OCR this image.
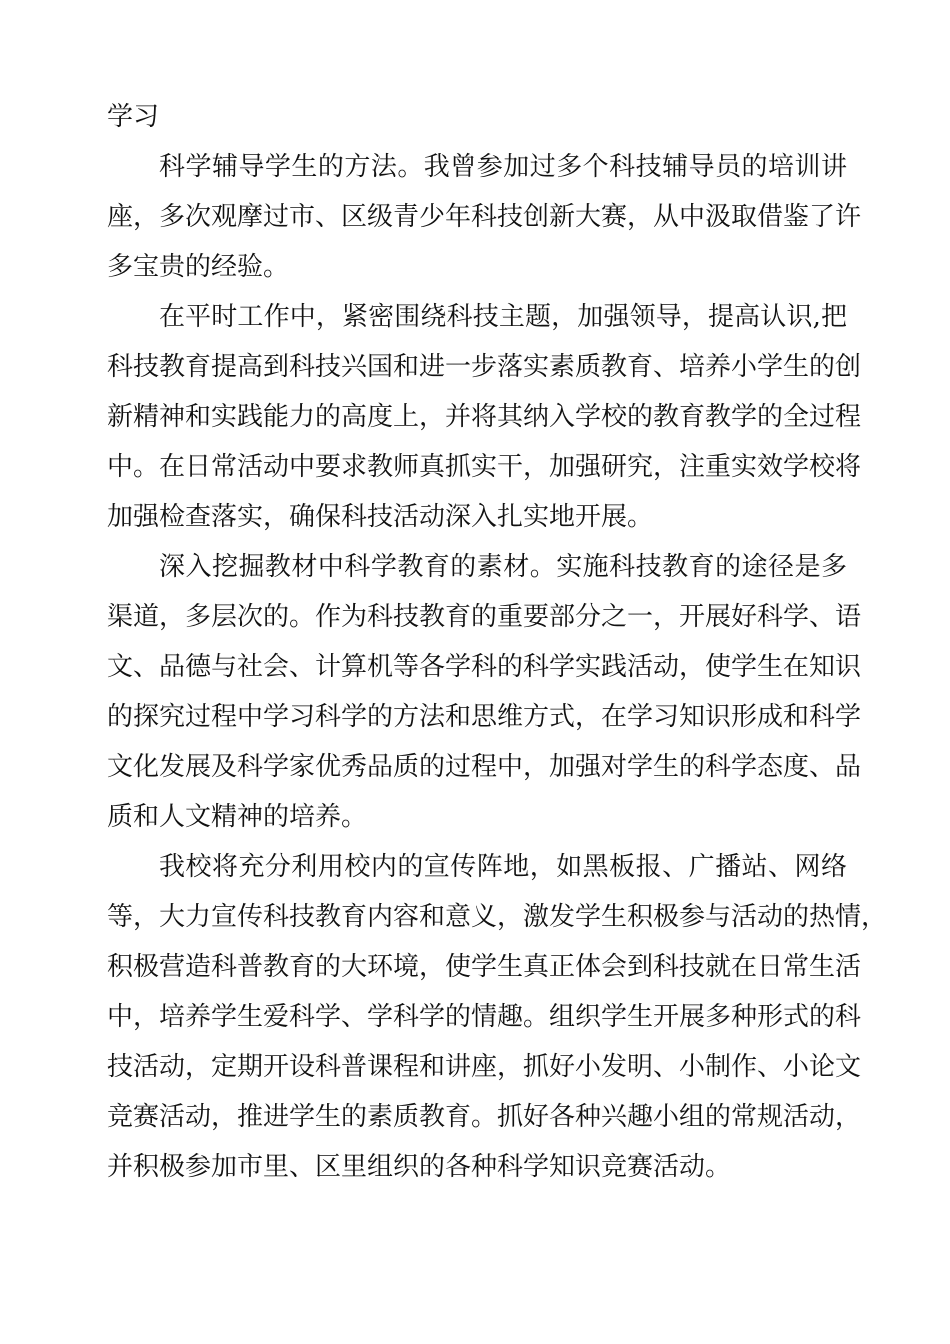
学习
科学辅导学生的方法。我曾参加过多个科技辅导员的培训讲
座，多次观摩过市、区级青少年科技创新大赛，从中汲取借鉴了许
多宝贵的经验。
在平时工作中，紧密围绕科技主题，加强领导，提高认识,把
科技教育提高到科技兴国和进一步落实素质教育、培养小学生的创
新精神和实践能力的高度上，并将其纳入学校的教育教学的全过程
中。在日常活动中要求教师真抓实干，加强研究，注重实效学校将
加强检查落实，确保科技活动深入扎实地开展。
深入挖掘教材中科学教育的素材。实施科技教育的途径是多
渠道，多层次的。作为科技教育的重要部分之一，开展好科学、语
文、品德与社会、计算机等各学科的科学实践活动，使学生在知识
的探究过程中学习科学的方法和思维方式，在学习知识形成和科学
文化发展及科学家优秀品质的过程中，加强对学生的科学态度、品
质和人文精神的培养。
我校将充分利用校内的宣传阵地，如黑板报、广播站、网络
等，大力宣传科技教育内容和意义，激发学生积极参与活动的热情，
积极营造科普教育的大环境，使学生真正体会到科技就在日常生活
中，培养学生爱科学、学科学的情趣。组织学生开展多种形式的科
技活动，定期开设科普课程和讲座，抓好小发明、小制作、小论文
竞赛活动，推进学生的素质教育。抓好各种兴趣小组的常规活动，
并积极参加市里、区里组织的各种科学知识竞赛活动。
